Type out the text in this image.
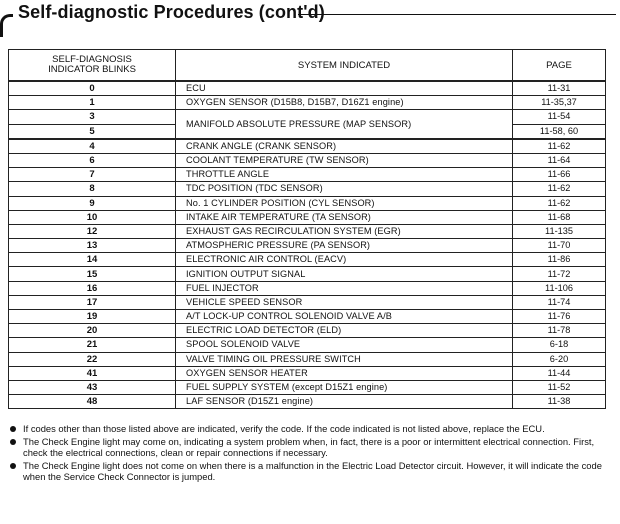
Self-diagnostic Procedures (cont'd)
SELF-DIAGNOSIS
INDICATOR BLINKS	SYSTEM INDICATED	PAGE
0	ECU	11-31
1	OXYGEN SENSOR (D15B8, D15B7, D16Z1 engine)	11-35,37
3	MANIFOLD ABSOLUTE PRESSURE (MAP SENSOR)	11-54
5		11-58, 60
4	CRANK ANGLE (CRANK SENSOR)	11-62
6	COOLANT TEMPERATURE (TW SENSOR)	11-64
7	THROTTLE ANGLE	11-66
8	TDC POSITION (TDC SENSOR)	11-62
9	No. 1 CYLINDER POSITION (CYL SENSOR)	11-62
10	INTAKE AIR TEMPERATURE (TA SENSOR)	11-68
12	EXHAUST GAS RECIRCULATION SYSTEM (EGR)	11-135
13	ATMOSPHERIC PRESSURE (PA SENSOR)	11-70
14	ELECTRONIC AIR CONTROL (EACV)	11-86
15	IGNITION OUTPUT SIGNAL	11-72
16	FUEL INJECTOR	11-106
17	VEHICLE SPEED SENSOR	11-74
19	A/T LOCK-UP CONTROL SOLENOID VALVE A/B	11-76
20	ELECTRIC LOAD DETECTOR (ELD)	11-78
21	SPOOL SOLENOID VALVE	6-18
22	VALVE TIMING OIL PRESSURE SWITCH	6-20
41	OXYGEN SENSOR HEATER	11-44
43	FUEL SUPPLY SYSTEM (except D15Z1 engine)	11-52
48	LAF SENSOR (D15Z1 engine)	11-38
If codes other than those listed above are indicated, verify the code. If the code indicated is not listed above, replace the ECU.
The Check Engine light may come on, indicating a system problem when, in fact, there is a poor or intermittent electrical connection. First, check the electrical connections, clean or repair connections if necessary.
The Check Engine light does not come on when there is a malfunction in the Electric Load Detector circuit. However, it will indicate the code when the Service Check Connector is jumped.
